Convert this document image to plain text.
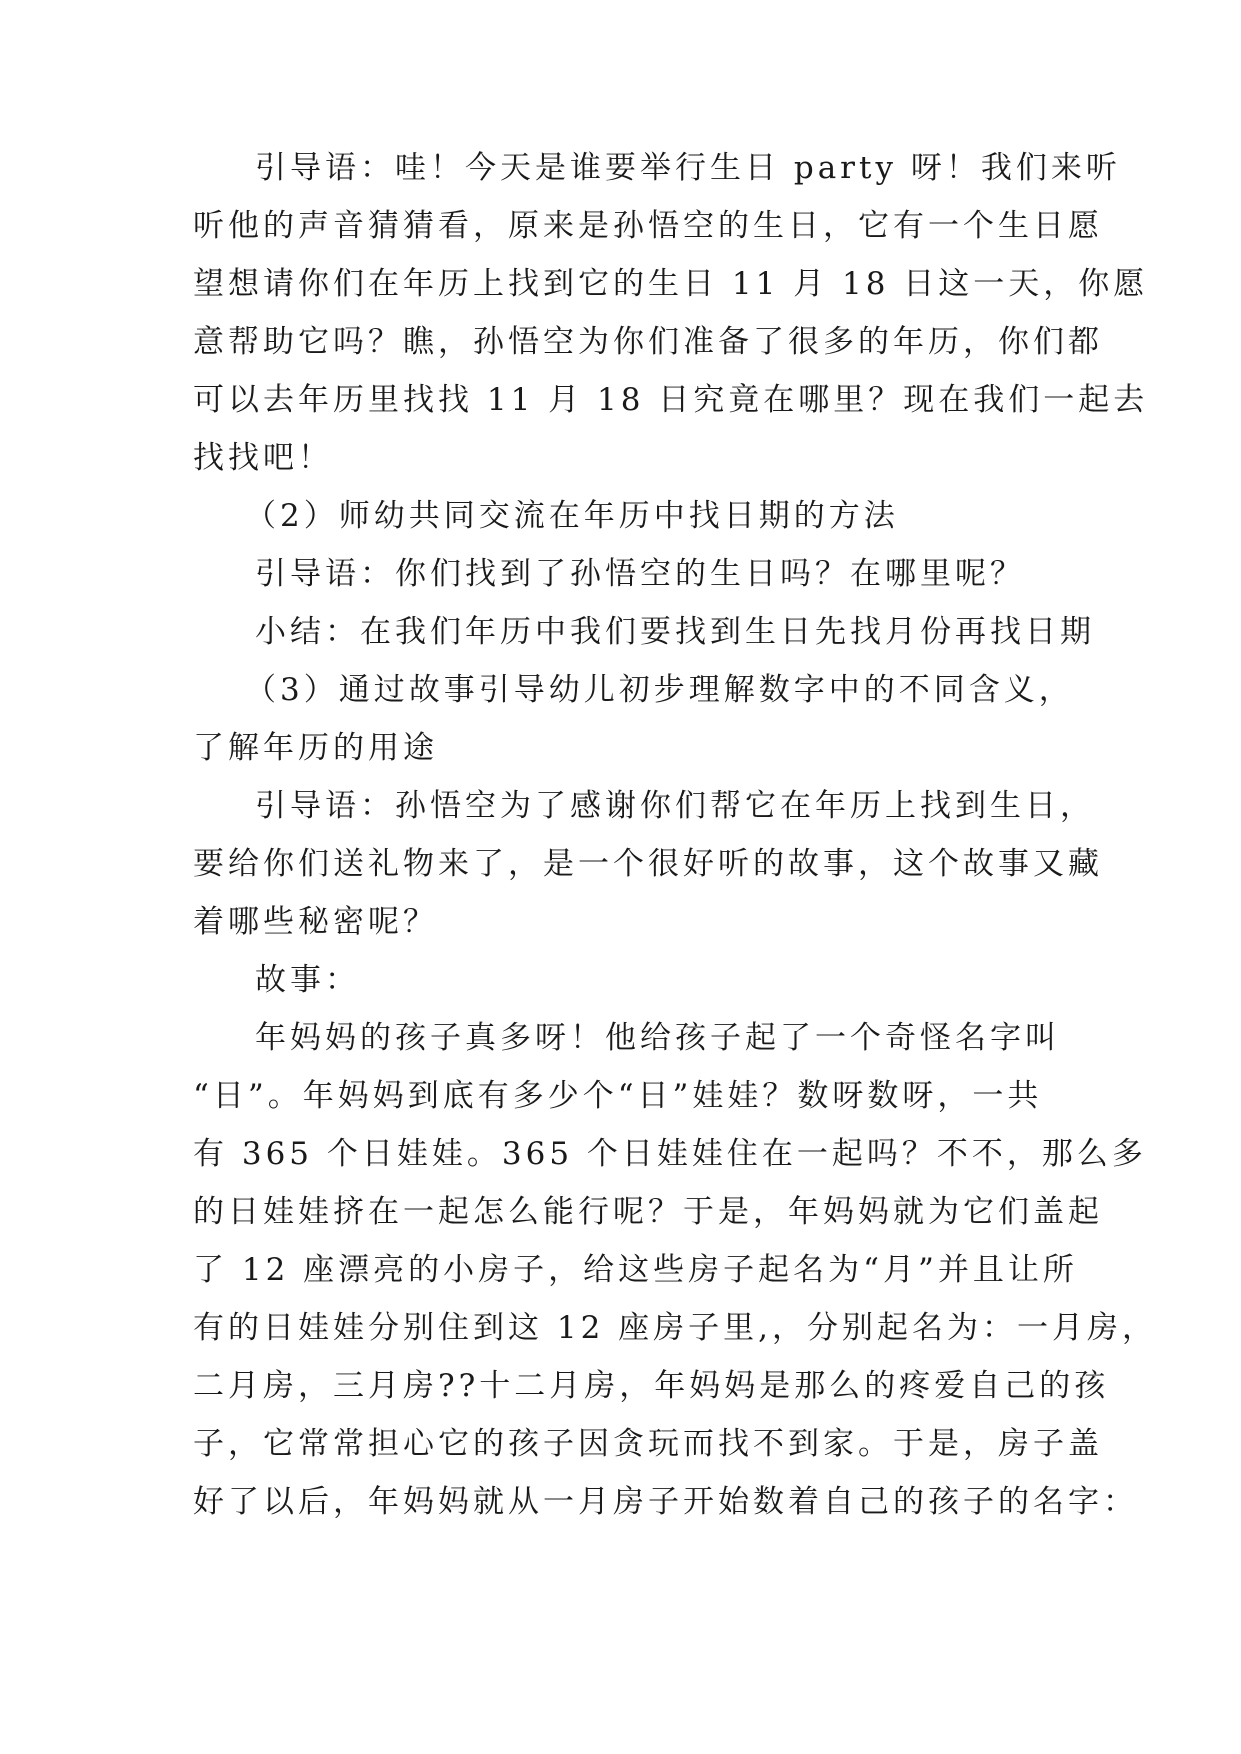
引导语：哇！今天是谁要举行生日 party 呀！我们来听
听他的声音猜猜看，原来是孙悟空的生日，它有一个生日愿
望想请你们在年历上找到它的生日 11 月 18 日这一天，你愿
意帮助它吗？瞧，孙悟空为你们准备了很多的年历，你们都
可以去年历里找找 11 月 18 日究竟在哪里？现在我们一起去
找找吧！
（2）师幼共同交流在年历中找日期的方法
引导语：你们找到了孙悟空的生日吗？在哪里呢？
小结：在我们年历中我们要找到生日先找月份再找日期
（3）通过故事引导幼儿初步理解数字中的不同含义，
了解年历的用途
引导语：孙悟空为了感谢你们帮它在年历上找到生日，
要给你们送礼物来了，是一个很好听的故事，这个故事又藏
着哪些秘密呢？
故事：
年妈妈的孩子真多呀！他给孩子起了一个奇怪名字叫
“日”。年妈妈到底有多少个“日”娃娃？数呀数呀，一共
有 365 个日娃娃。365 个日娃娃住在一起吗？不不，那么多
的日娃娃挤在一起怎么能行呢？于是，年妈妈就为它们盖起
了 12 座漂亮的小房子，给这些房子起名为“月”并且让所
有的日娃娃分别住到这 12 座房子里,，分别起名为：一月房，
二月房，三月房??十二月房，年妈妈是那么的疼爱自己的孩
子，它常常担心它的孩子因贪玩而找不到家。于是，房子盖
好了以后，年妈妈就从一月房子开始数着自己的孩子的名字：
